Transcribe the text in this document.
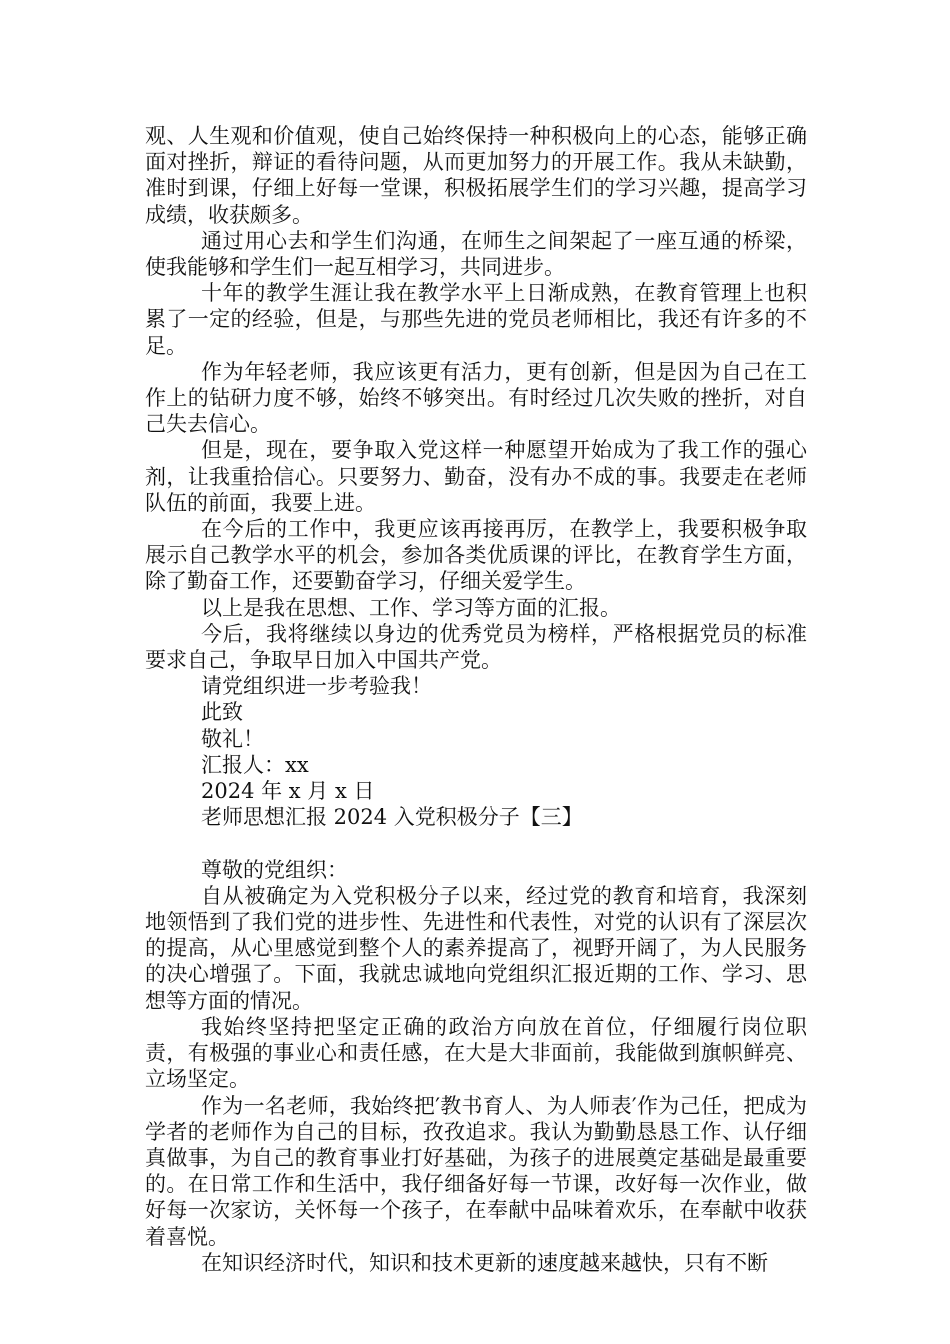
观、人生观和价值观，使自己始终保持一种积极向上的心态，能够正确面对挫折，辩证的看待问题，从而更加努力的开展工作。我从未缺勤，准时到课，仔细上好每一堂课，积极拓展学生们的学习兴趣，提高学习成绩，收获颇多。

通过用心去和学生们沟通，在师生之间架起了一座互通的桥梁，使我能够和学生们一起互相学习，共同进步。

十年的教学生涯让我在教学水平上日渐成熟，在教育管理上也积累了一定的经验，但是，与那些先进的党员老师相比，我还有许多的不足。

作为年轻老师，我应该更有活力，更有创新，但是因为自己在工作上的钻研力度不够，始终不够突出。有时经过几次失败的挫折，对自己失去信心。

但是，现在，要争取入党这样一种愿望开始成为了我工作的强心剂，让我重拾信心。只要努力、勤奋，没有办不成的事。我要走在老师队伍的前面，我要上进。

在今后的工作中，我更应该再接再厉，在教学上，我要积极争取展示自己教学水平的机会，参加各类优质课的评比，在教育学生方面，除了勤奋工作，还要勤奋学习，仔细关爱学生。

以上是我在思想、工作、学习等方面的汇报。

今后，我将继续以身边的优秀党员为榜样，严格根据党员的标准要求自己，争取早日加入中国共产党。

请党组织进一步考验我！

此致

敬礼！

汇报人：xx

2024 年 x 月 x 日

老师思想汇报 2024 入党积极分子【三】

尊敬的党组织：

自从被确定为入党积极分子以来，经过党的教育和培育，我深刻地领悟到了我们党的进步性、先进性和代表性，对党的认识有了深层次的提高，从心里感觉到整个人的素养提高了，视野开阔了，为人民服务的决心增强了。下面，我就忠诚地向党组织汇报近期的工作、学习、思想等方面的情况。

我始终坚持把坚定正确的政治方向放在首位，仔细履行岗位职责，有极强的事业心和责任感，在大是大非面前，我能做到旗帜鲜亮、立场坚定。

作为一名老师，我始终把′教书育人、为人师表′作为己任，把成为学者的老师作为自己的目标，孜孜追求。我认为勤勤恳恳工作、认仔细真做事，为自己的教育事业打好基础，为孩子的进展奠定基础是最重要的。在日常工作和生活中，我仔细备好每一节课，改好每一次作业，做好每一次家访，关怀每一个孩子，在奉献中品味着欢乐，在奉献中收获着喜悦。

在知识经济时代，知识和技术更新的速度越来越快，只有不断
